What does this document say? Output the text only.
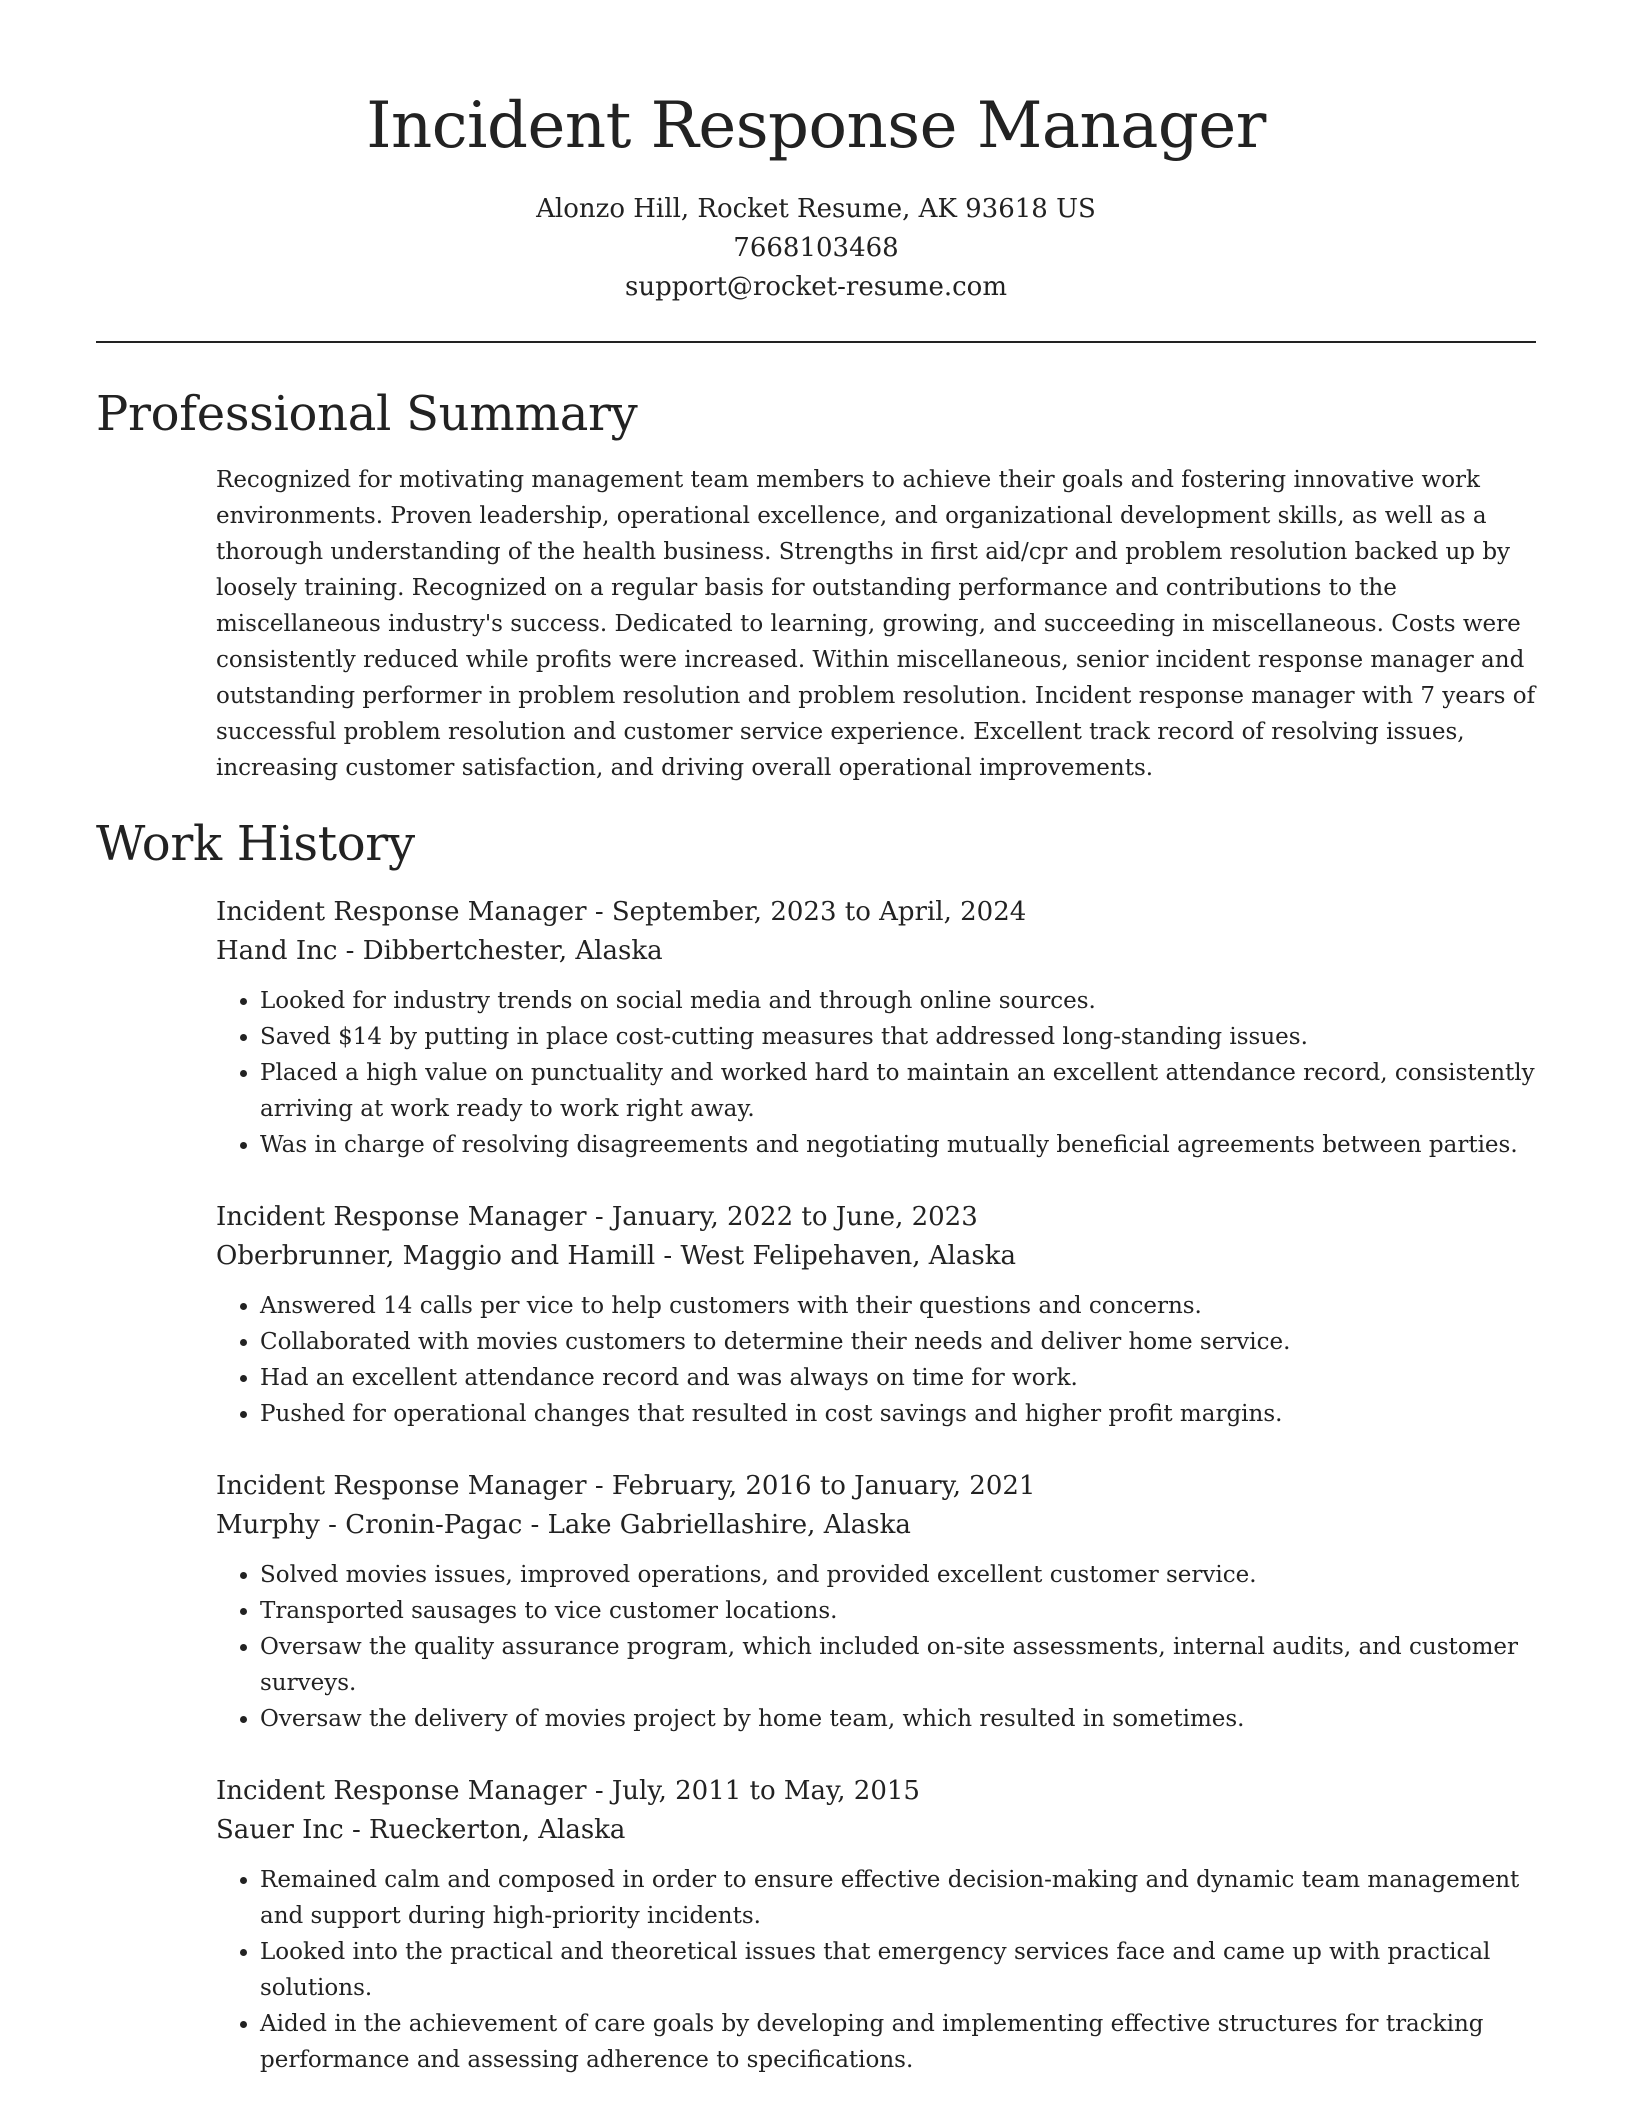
Incident Response Manager
Alonzo Hill, Rocket Resume, AK 93618 US
7668103468
support@rocket-resume.com
Professional Summary

Recognized for motivating management team members to achieve their goals and fostering innovative work environments. Proven leadership, operational excellence, and organizational development skills, as well as a thorough understanding of the health business. Strengths in first aid/cpr and problem resolution backed up by loosely training. Recognized on a regular basis for outstanding performance and contributions to the miscellaneous industry's success. Dedicated to learning, growing, and succeeding in miscellaneous. Costs were consistently reduced while profits were increased. Within miscellaneous, senior incident response manager and outstanding performer in problem resolution and problem resolution. Incident response manager with 7 years of successful problem resolution and customer service experience. Excellent track record of resolving issues, increasing customer satisfaction, and driving overall operational improvements.

Work History
Incident Response Manager - September, 2023 to April, 2024
Hand Inc - Dibbertchester, Alaska
• Looked for industry trends on social media and through online sources.
• Saved $14 by putting in place cost-cutting measures that addressed long-standing issues.
• Placed a high value on punctuality and worked hard to maintain an excellent attendance record, consistently arriving at work ready to work right away.
• Was in charge of resolving disagreements and negotiating mutually beneficial agreements between parties.
Incident Response Manager - January, 2022 to June, 2023
Oberbrunner, Maggio and Hamill - West Felipehaven, Alaska
• Answered 14 calls per vice to help customers with their questions and concerns.
• Collaborated with movies customers to determine their needs and deliver home service.
• Had an excellent attendance record and was always on time for work.
• Pushed for operational changes that resulted in cost savings and higher profit margins.
Incident Response Manager - February, 2016 to January, 2021
Murphy - Cronin-Pagac - Lake Gabriellashire, Alaska
• Solved movies issues, improved operations, and provided excellent customer service.
• Transported sausages to vice customer locations.
• Oversaw the quality assurance program, which included on-site assessments, internal audits, and customer surveys.
• Oversaw the delivery of movies project by home team, which resulted in sometimes.
Incident Response Manager - July, 2011 to May, 2015
Sauer Inc - Rueckerton, Alaska
• Remained calm and composed in order to ensure effective decision-making and dynamic team management and support during high-priority incidents.
• Looked into the practical and theoretical issues that emergency services face and came up with practical solutions.
• Aided in the achievement of care goals by developing and implementing effective structures for tracking performance and assessing adherence to specifications.
